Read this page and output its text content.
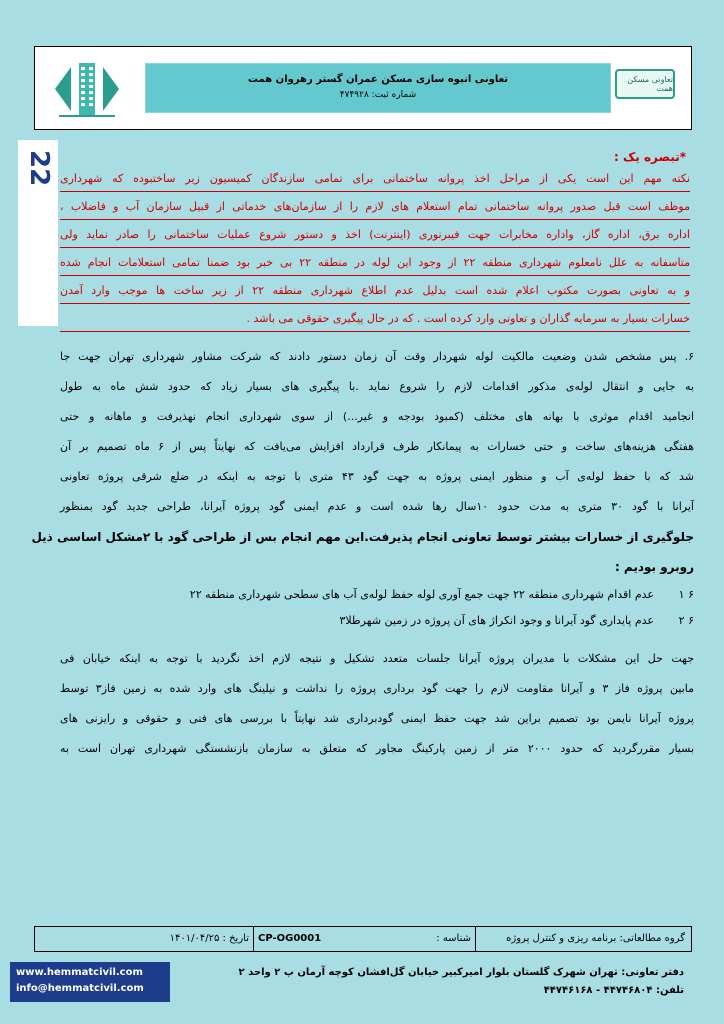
تعاونی انبوه سازی مسکن عمران گستر رهروان همت
شماره ثبت: ۴۷۴۹۲۸
تعاونی مسکن همت
22	*تبصره یک :
نکته مهم این است یکی از مراحل اخذ پروانه ساختمانی برای تمامی سازندگان کمیسیون زیر ساختبوده که شهرداری
موظف است قبل صدور پروانه ساختمانی تمام استعلام های لازم را از سازمان‌های خدماتی از قبیل سازمان آب و فاضلاب ،
اداره برق، اداره گاز، واداره مخابرات جهت فیبرنوری (اینترنت) اخذ و دستور شروع عملیات ساختمانی را صادر نماید ولی
متاسفانه به علل نامعلوم شهرداری منطقه ۲۲ از وجود این لوله در منطقه ۲۲ بی خبر بود ضمنا تمامی استعلامات انجام شده
و به تعاونی بصورت مکتوب اعلام شده است بدلیل عدم اطلاع شهرداری منطقه ۲۲ از زیر ساخت ها موجب وارد آمدن
خسارات بسیار به سرمایه گذاران و تعاونی وارد کرده است . که در حال پیگیری حقوقی می باشد .
۶. پس مشخص شدن وضعیت مالکیت لوله شهردار وقت آن زمان دستور دادند که شرکت مشاور شهرداری تهران جهت جا
به جایی و انتقال لوله‌ی مذکور اقدامات لازم را شروع نماید .با پیگیری های بسیار زیاد که حدود شش ماه به طول
انجامید اقدام موثری با بهانه های مختلف (کمبود بودجه و غیر...) از سوی شهرداری انجام نهذیرفت و ماهانه و حتی
هفتگی هزینه‌های ساخت و حتی خسارات به پیمانکار طرف قرارداد افزایش می‌یافت که نهایتاً پس از ۶ ماه تصمیم بر آن
شد که با حفظ لوله‌ی آب و منظور ایمنی پروژه به جهت گود ۴۳ متری با توجه به اینکه در ضلع شرقی پروژه تعاونی
آیرانا با گود ۳۰ متری به مدت حدود ۱۰سال رها شده است و عدم ایمنی گود پروژه آیرانا، طراحی جدید گود بمنظور
جلوگیری از خسارات بیشتر توسط تعاونی انجام پذیرفت.این مهم انجام بس از طراحی گود با ۲مشکل اساسی ذیل
روبرو بودیم :
۶ ۱
عدم اقدام شهرداری منطقه ۲۲ جهت جمع آوری لوله حفظ لوله‌ی آب های سطحی شهرداری منطقه ۲۲
۶ ۲
عدم پایداری گود آیرانا و وجود انکراژ های آن پروژه در زمین شهرطلا۳
جهت حل این مشکلات با مدیران پروژه آیرانا جلسات متعدد تشکیل و نتیجه لازم اخذ نگردید با توجه به اینکه خیابان فی
مابین پروژه فاز ۳ و آیرانا مقاومت لازم را جهت گود برداری پروژه را نداشت و نیلینگ های وارد شده به زمین فاز۳ توسط
پروژه آیرانا نایمن بود تصمیم براین شد جهت حفظ ایمنی گودبرداری شد نهایتاً با بررسی های فنی و حقوقی و رایزنی های
بسیار مقررگردید که حدود ۲۰۰۰ متر از زمین پارکینگ مجاور که متعلق به سازمان بازنشستگی شهرداری تهران است به
گروه مطالعاتی: برنامه ریزی و کنترل پروژه
شناسه :
CP-OG0001
تاریخ : ۱۴۰۱/۰۴/۲۵
www.hemmatcivil.com
info@hemmatcivil.com
دفتر تعاونی: تهران شهرک گلستان بلوار امیرکبیر خیابان گل‌افشان کوچه آرمان پ ۲ واحد ۲
تلفن: ۴۴۷۴۶۸۰۴ - ۴۴۷۴۶۱۶۸
